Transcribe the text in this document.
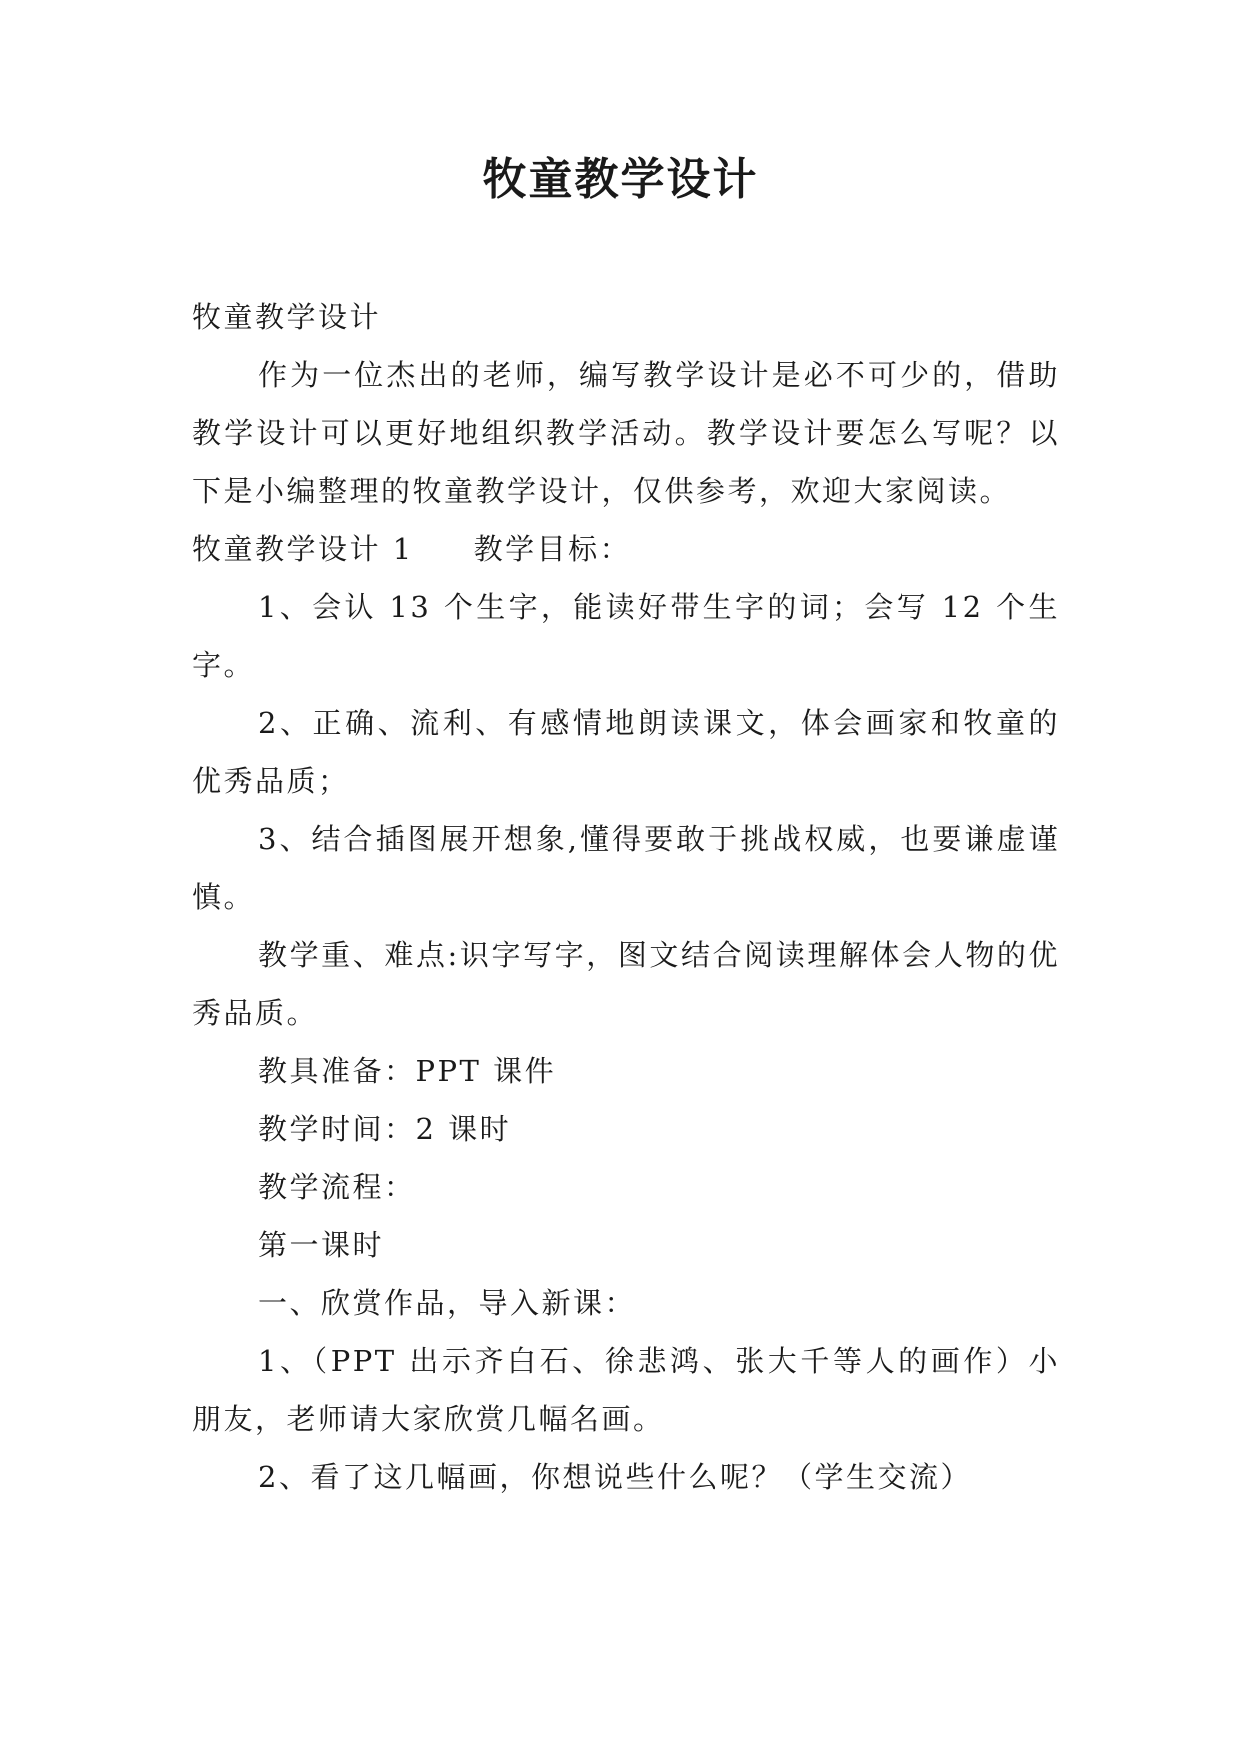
牧童教学设计

牧童教学设计

作为一位杰出的老师，编写教学设计是必不可少的，借助教学设计可以更好地组织教学活动。教学设计要怎么写呢？以下是小编整理的牧童教学设计，仅供参考，欢迎大家阅读。

牧童教学设计 1 教学目标：

1、会认 13 个生字，能读好带生字的词；会写 12 个生字。

2、正确、流利、有感情地朗读课文，体会画家和牧童的优秀品质；

3、结合插图展开想象,懂得要敢于挑战权威，也要谦虚谨慎。

教学重、难点:识字写字，图文结合阅读理解体会人物的优秀品质。

教具准备：PPT 课件

教学时间：2 课时

教学流程：

第一课时

一、欣赏作品，导入新课：

1、（PPT 出示齐白石、徐悲鸿、张大千等人的画作）小朋友，老师请大家欣赏几幅名画。

2、看了这几幅画，你想说些什么呢？（学生交流）
